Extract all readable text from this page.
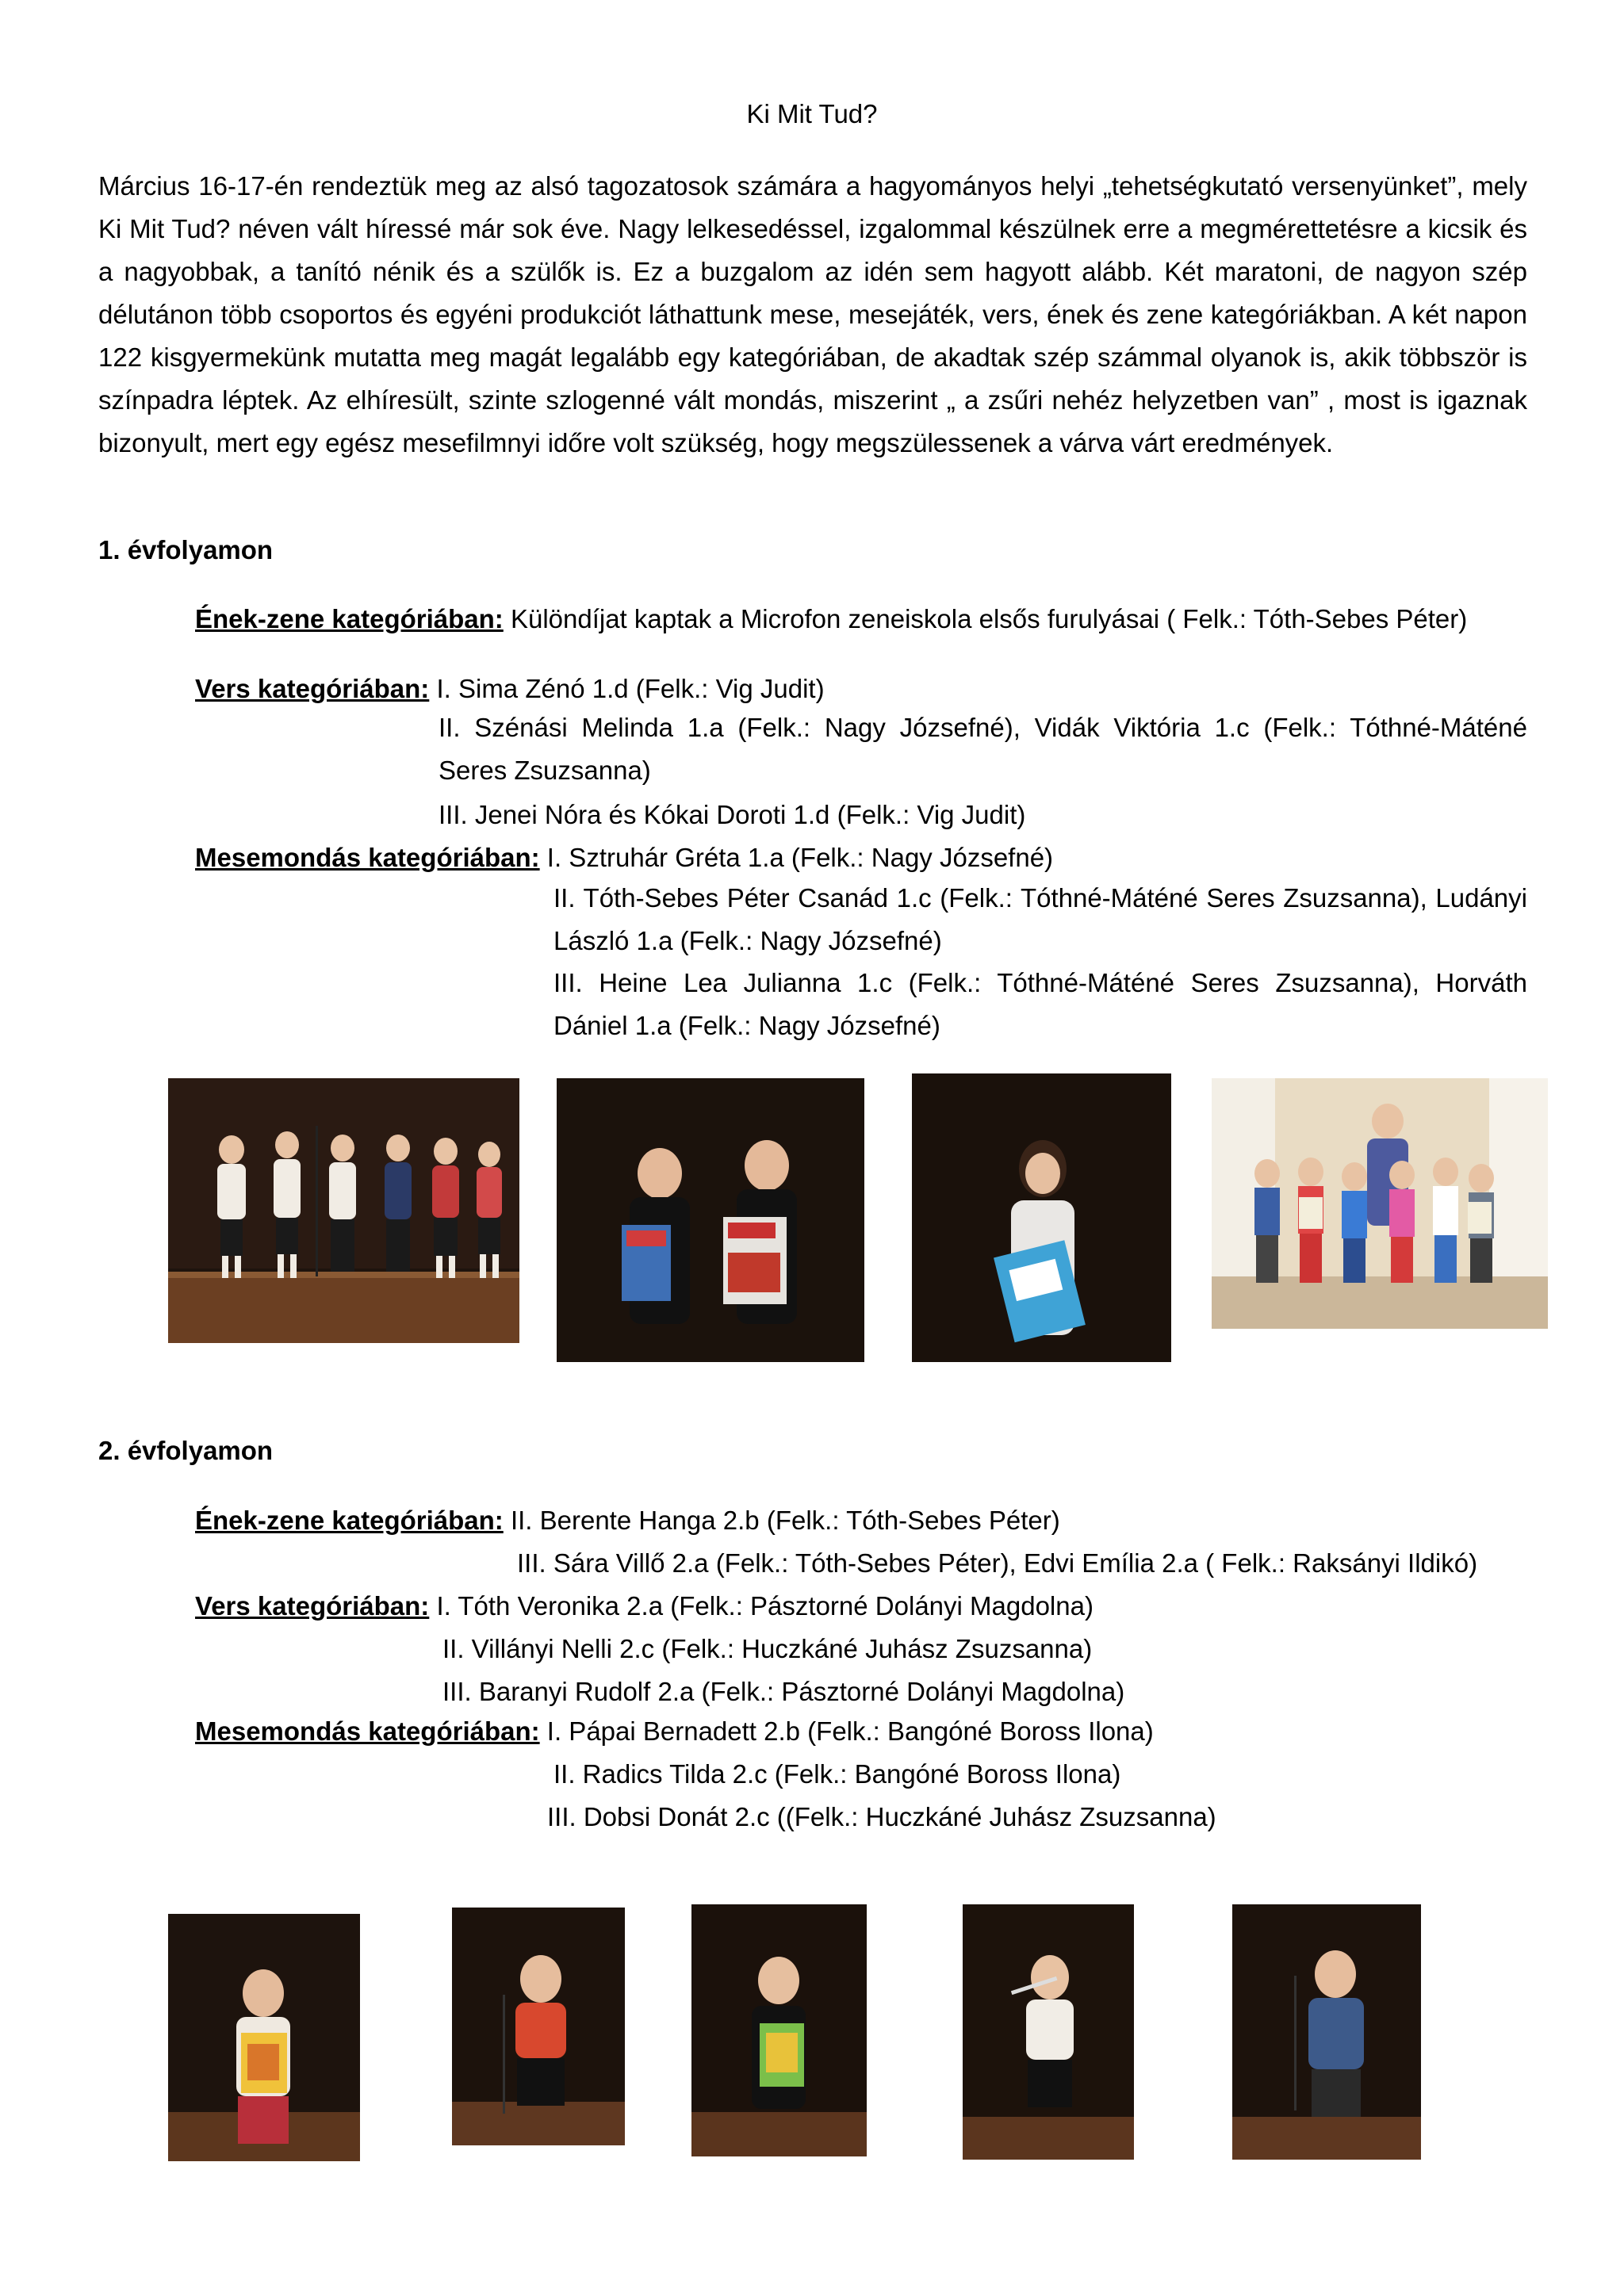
Ki Mit Tud?

Március 16-17-én rendeztük meg az alsó tagozatosok számára a hagyományos helyi „tehetségkutató versenyünket”, mely Ki Mit Tud? néven vált híressé már sok éve. Nagy lelkesedéssel, izgalommal készülnek erre a megmérettetésre a kicsik és a nagyobbak, a tanító nénik és a szülők is. Ez a buzgalom az idén sem hagyott alább. Két maratoni, de nagyon szép délutánon több csoportos és egyéni produkciót láthattunk mese, mesejáték, vers, ének és zene kategóriákban. A két napon 122 kisgyermekünk mutatta meg magát legalább egy kategóriában, de akadtak szép számmal olyanok is, akik többször is színpadra léptek. Az elhíresült, szinte szlogenné vált mondás, miszerint „ a zsűri nehéz helyzetben van” , most is igaznak bizonyult, mert egy egész mesefilmnyi időre volt szükség, hogy megszülessenek a várva várt eredmények.

1. évfolyamon
Ének-zene kategóriában: Különdíjat kaptak a Microfon zeneiskola elsős furulyásai ( Felk.: Tóth-Sebes Péter)
Vers kategóriában: I. Sima Zénó 1.d (Felk.: Vig Judit)

II. Szénási Melinda 1.a (Felk.: Nagy Józsefné), Vidák Viktória 1.c (Felk.: Tóthné-Máténé Seres Zsuzsanna)

III. Jenei Nóra és Kókai Doroti 1.d (Felk.: Vig Judit)
Mesemondás kategóriában: I. Sztruhár Gréta 1.a (Felk.: Nagy Józsefné)

II. Tóth-Sebes Péter Csanád 1.c (Felk.: Tóthné-Máténé Seres Zsuzsanna), Ludányi László 1.a (Felk.: Nagy Józsefné)

III. Heine Lea Julianna 1.c (Felk.: Tóthné-Máténé Seres Zsuzsanna), Horváth Dániel 1.a (Felk.: Nagy Józsefné)

2. évfolyamon
Ének-zene kategóriában: II. Berente Hanga 2.b (Felk.: Tóth-Sebes Péter)
III. Sára Villő 2.a (Felk.: Tóth-Sebes Péter), Edvi Emília 2.a ( Felk.: Raksányi Ildikó)
Vers kategóriában: I. Tóth Veronika 2.a (Felk.: Pásztorné Dolányi Magdolna)
II. Villányi Nelli 2.c (Felk.: Huczkáné Juhász Zsuzsanna)
III. Baranyi Rudolf 2.a (Felk.: Pásztorné Dolányi Magdolna)
Mesemondás kategóriában: I. Pápai Bernadett 2.b (Felk.: Bangóné Boross Ilona)
II. Radics Tilda 2.c (Felk.: Bangóné Boross Ilona)
III. Dobsi Donát 2.c ((Felk.: Huczkáné Juhász Zsuzsanna)
